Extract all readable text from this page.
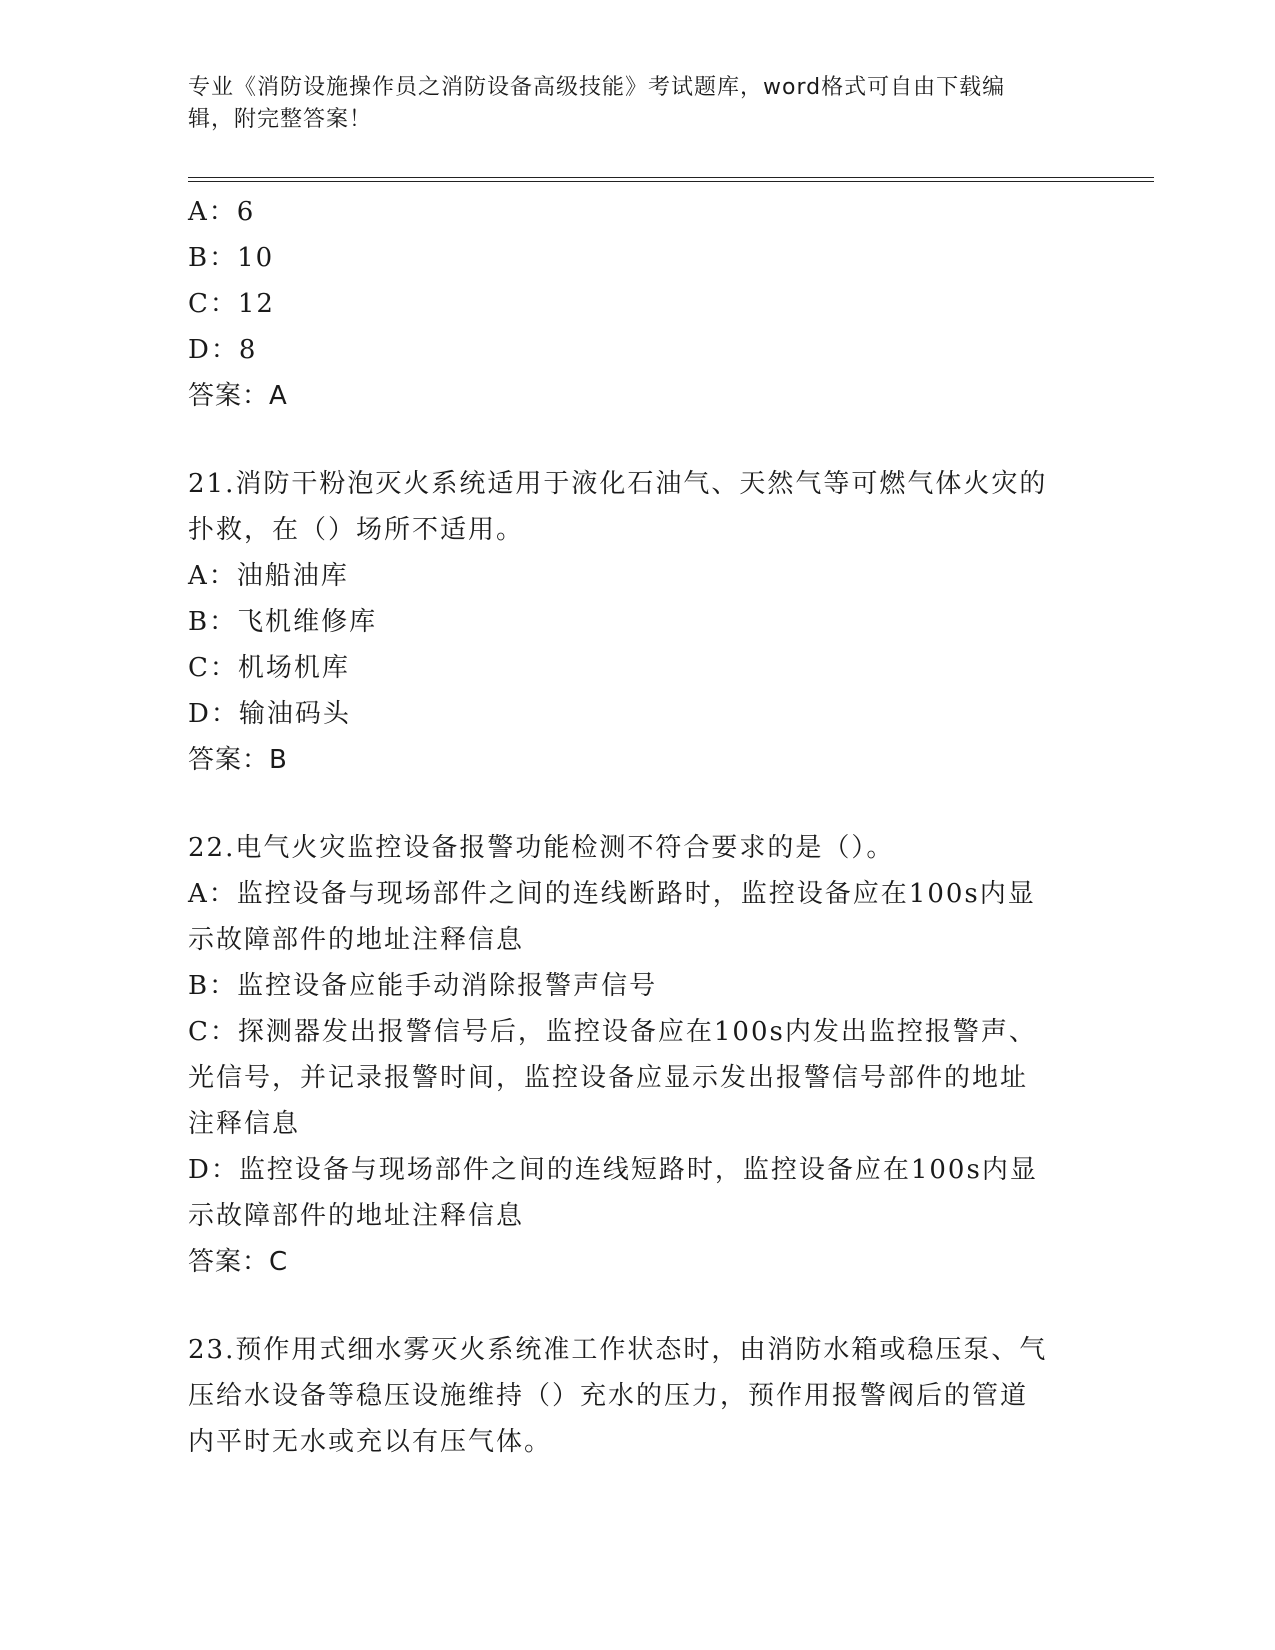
专业《消防设施操作员之消防设备高级技能》考试题库，word格式可自由下载编
辑，附完整答案！
A：6
B：10
C：12
D：8
答案：A
21.消防干粉泡灭火系统适用于液化石油气、天然气等可燃气体火灾的
扑救，在（）场所不适用。
A：油船油库
B：飞机维修库
C：机场机库
D：输油码头
答案：B
22.电气火灾监控设备报警功能检测不符合要求的是（）。
A：监控设备与现场部件之间的连线断路时，监控设备应在100s内显
示故障部件的地址注释信息
B：监控设备应能手动消除报警声信号
C：探测器发出报警信号后，监控设备应在100s内发出监控报警声、
光信号，并记录报警时间，监控设备应显示发出报警信号部件的地址
注释信息
D：监控设备与现场部件之间的连线短路时，监控设备应在100s内显
示故障部件的地址注释信息
答案：C
23.预作用式细水雾灭火系统准工作状态时，由消防水箱或稳压泵、气
压给水设备等稳压设施维持（）充水的压力，预作用报警阀后的管道
内平时无水或充以有压气体。
